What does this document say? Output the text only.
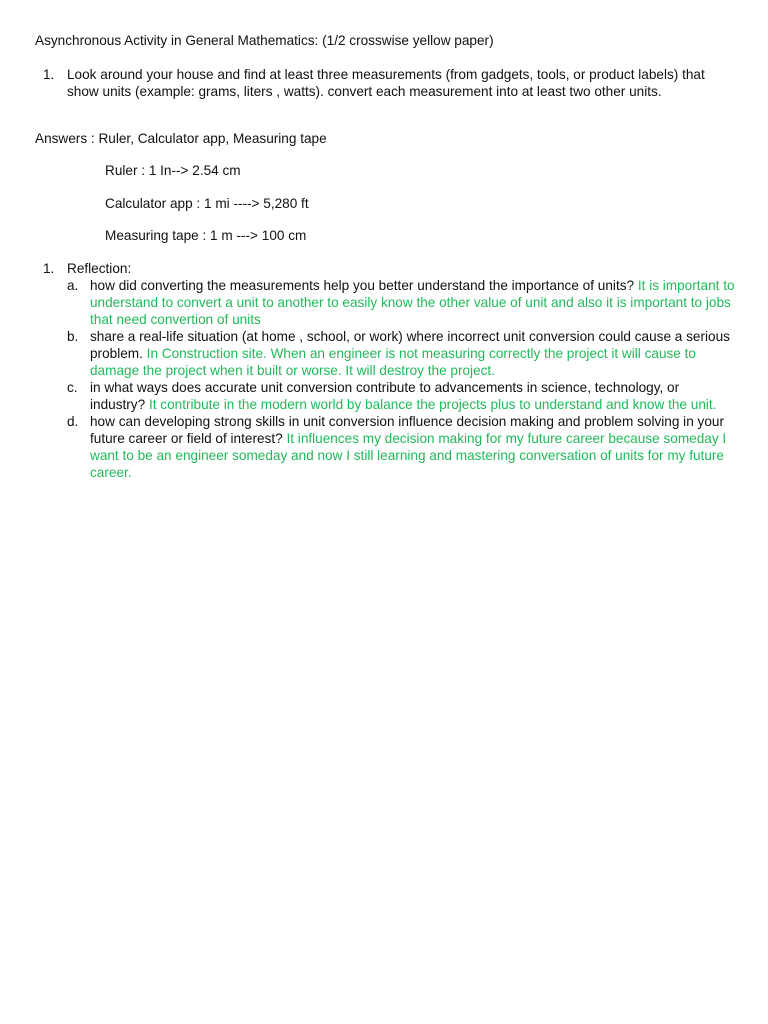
Asynchronous Activity in General Mathematics: (1/2 crosswise yellow paper)
1. Look around your house and find at least three measurements (from gadgets, tools, or product labels) that show units (example: grams, liters , watts). convert each measurement into at least two other units.
Answers : Ruler, Calculator app, Measuring tape
Ruler : 1 In--> 2.54 cm
Calculator app : 1 mi ----> 5,280 ft
Measuring tape : 1 m ---> 100 cm
1. Reflection:
a. how did converting the measurements help you better understand the importance of units? It is important to understand to convert a unit to another to easily know the other value of unit and also it is important to jobs that need convertion of units
b. share a real-life situation (at home , school, or work) where incorrect unit conversion could cause a serious problem. In Construction site. When an engineer is not measuring correctly the project it will cause to damage the project when it built or worse. It will destroy the project.
c. in what ways does accurate unit conversion contribute to advancements in science, technology, or industry? It contribute in the modern world by balance the projects plus to understand and know the unit.
d. how can developing strong skills in unit conversion influence decision making and problem solving in your future career or field of interest? It influences my decision making for my future career because someday I want to be an engineer someday and now I still learning and mastering conversation of units for my future career.
